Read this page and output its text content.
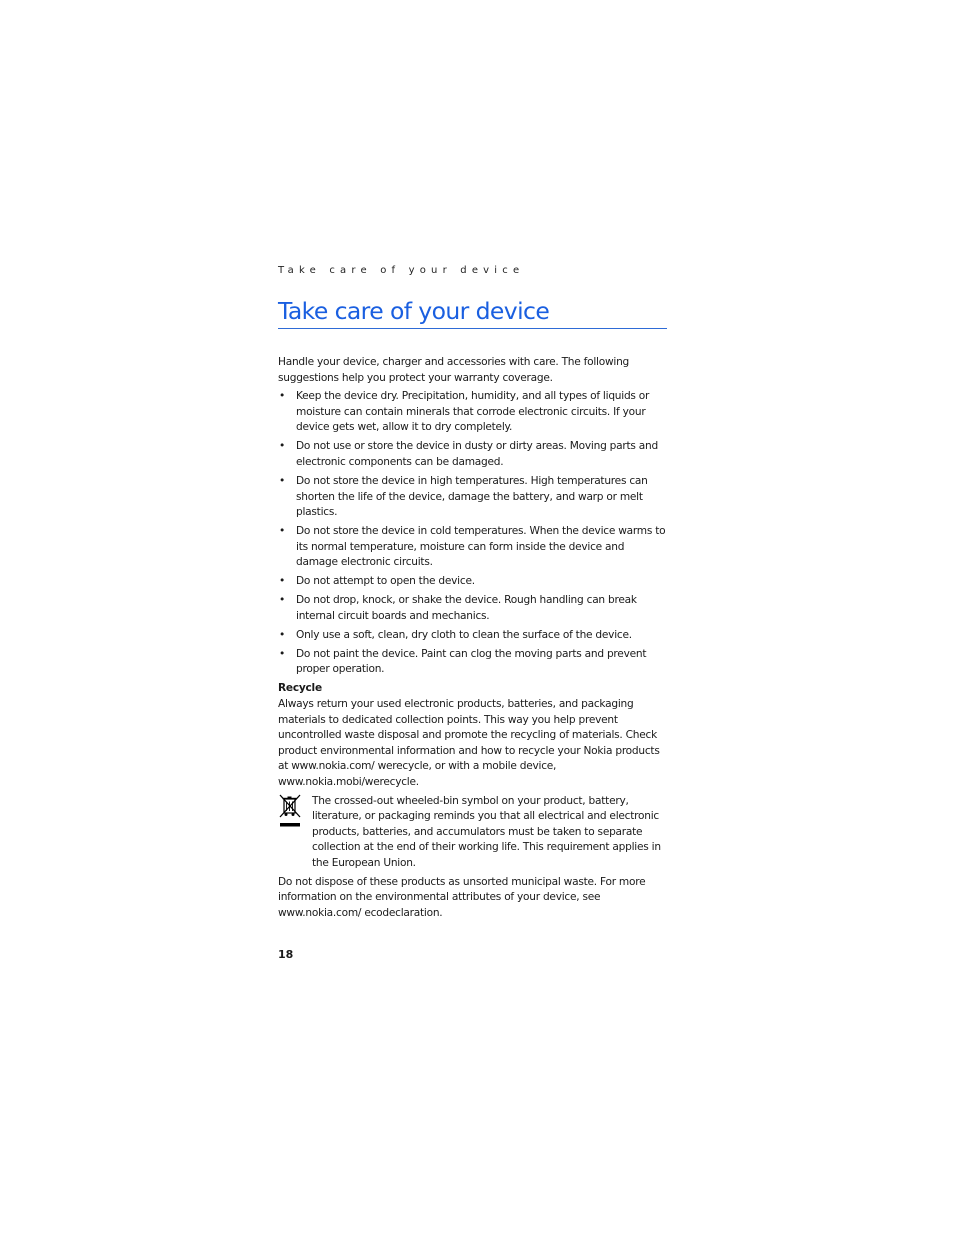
Take care of your device
Take care of your device

Handle your device, charger and accessories with care. The following suggestions help you protect your warranty coverage.

• Keep the device dry. Precipitation, humidity, and all types of liquids or moisture can contain minerals that corrode electronic circuits. If your device gets wet, allow it to dry completely.
• Do not use or store the device in dusty or dirty areas. Moving parts and electronic components can be damaged.
• Do not store the device in high temperatures. High temperatures can shorten the life of the device, damage the battery, and warp or melt plastics.
• Do not store the device in cold temperatures. When the device warms to its normal temperature, moisture can form inside the device and damage electronic circuits.
• Do not attempt to open the device.
• Do not drop, knock, or shake the device. Rough handling can break internal circuit boards and mechanics.
• Only use a soft, clean, dry cloth to clean the surface of the device.
• Do not paint the device. Paint can clog the moving parts and prevent proper operation.

Recycle

Always return your used electronic products, batteries, and packaging materials to dedicated collection points. This way you help prevent uncontrolled waste disposal and promote the recycling of materials. Check product environmental information and how to recycle your Nokia products at www.nokia.com/ werecycle, or with a mobile device, www.nokia.mobi/werecycle.

The crossed-out wheeled-bin symbol on your product, battery, literature, or packaging reminds you that all electrical and electronic products, batteries, and accumulators must be taken to separate collection at the end of their working life. This requirement applies in the European Union.

Do not dispose of these products as unsorted municipal waste. For more information on the environmental attributes of your device, see www.nokia.com/ ecodeclaration.

18
